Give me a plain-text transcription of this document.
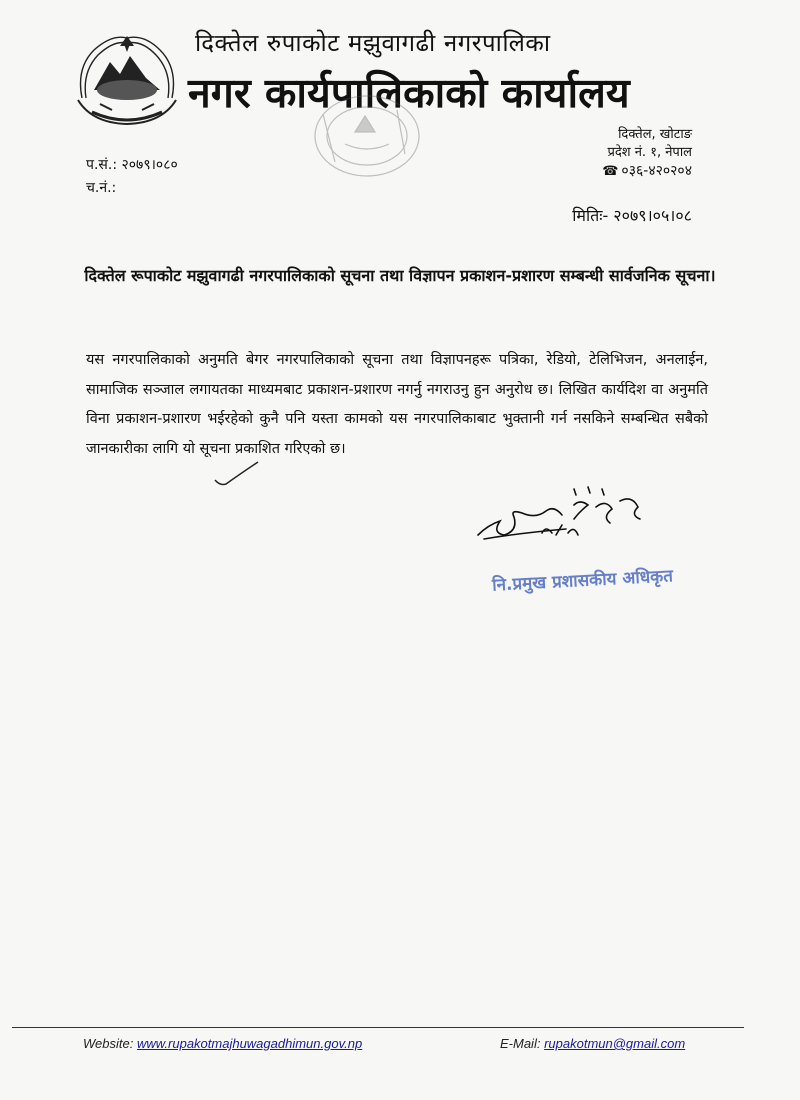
दिक्तेल रुपाकोट मझुवागढी नगरपालिका
नगर कार्यपालिकाको कार्यालय
दिक्तेल, खोटाङ
प्रदेश नं. १, नेपाल
☎ ०३६-४२०२०४
प.सं.: २०७९।०८०
च.नं.:
मितिः- २०७९।०५।०८
दिक्तेल रूपाकोट मझुवागढी नगरपालिकाको सूचना तथा विज्ञापन प्रकाशन-प्रशारण सम्बन्धी सार्वजनिक सूचना।
यस नगरपालिकाको अनुमति बेगर नगरपालिकाको सूचना तथा विज्ञापनहरू पत्रिका, रेडियो, टेलिभिजन, अनलाईन, सामाजिक सञ्जाल लगायतका माध्यमबाट प्रकाशन-प्रशारण नगर्नु नगराउनु हुन अनुरोध छ। लिखित कार्यदिश वा अनुमति विना प्रकाशन-प्रशारण भईरहेको कुनै पनि यस्ता कामको यस नगरपालिकाबाट भुक्तानी गर्न नसकिने सम्बन्धित सबैको जानकारीका लागि यो सूचना प्रकाशित गरिएको छ।
नि.प्रमुख प्रशासकीय अधिकृत
Website: www.rupakotmajhuwagadhimun.gov.np	E-Mail: rupakotmun@gmail.com
